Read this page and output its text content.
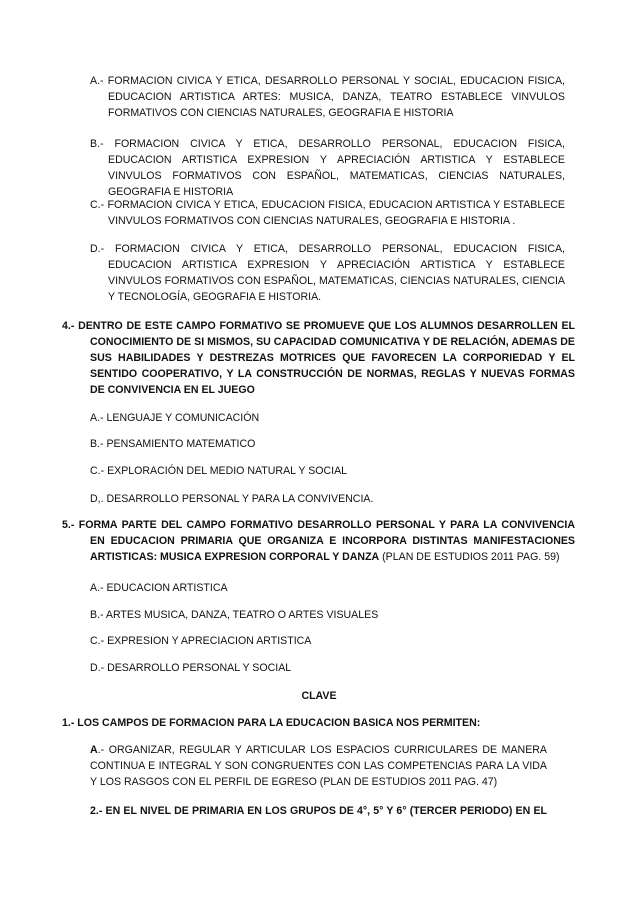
A.- FORMACION CIVICA Y ETICA, DESARROLLO PERSONAL Y SOCIAL, EDUCACION FISICA, EDUCACION ARTISTICA ARTES: MUSICA, DANZA, TEATRO ESTABLECE VINVULOS FORMATIVOS CON CIENCIAS NATURALES, GEOGRAFIA E HISTORIA
B.- FORMACION CIVICA Y ETICA, DESARROLLO PERSONAL, EDUCACION FISICA, EDUCACION ARTISTICA EXPRESION Y APRECIACIÓN ARTISTICA Y ESTABLECE VINVULOS FORMATIVOS CON ESPAÑOL, MATEMATICAS, CIENCIAS NATURALES, GEOGRAFIA E HISTORIA
C.- FORMACION CIVICA Y ETICA, EDUCACION FISICA, EDUCACION ARTISTICA Y ESTABLECE VINVULOS FORMATIVOS CON CIENCIAS NATURALES, GEOGRAFIA E HISTORIA .
D.- FORMACION CIVICA Y ETICA, DESARROLLO PERSONAL, EDUCACION FISICA, EDUCACION ARTISTICA EXPRESION Y APRECIACIÓN ARTISTICA Y ESTABLECE VINVULOS FORMATIVOS CON ESPAÑOL, MATEMATICAS, CIENCIAS NATURALES, CIENCIA Y TECNOLOGÍA, GEOGRAFIA E HISTORIA.
4.- DENTRO DE ESTE CAMPO FORMATIVO SE PROMUEVE QUE LOS ALUMNOS DESARROLLEN EL CONOCIMIENTO DE SI MISMOS, SU CAPACIDAD COMUNICATIVA Y DE RELACIÓN, ADEMAS DE SUS HABILIDADES Y DESTREZAS MOTRICES QUE FAVORECEN LA CORPORIEDAD Y EL SENTIDO COOPERATIVO, Y LA CONSTRUCCIÓN DE NORMAS, REGLAS Y NUEVAS FORMAS DE CONVIVENCIA EN EL JUEGO
A.- LENGUAJE Y COMUNICACIÓN
B.- PENSAMIENTO MATEMATICO
C.- EXPLORACIÓN DEL MEDIO NATURAL Y SOCIAL
D,. DESARROLLO PERSONAL Y PARA LA CONVIVENCIA.
5.- FORMA PARTE DEL CAMPO FORMATIVO DESARROLLO PERSONAL Y PARA LA CONVIVENCIA EN EDUCACION PRIMARIA QUE ORGANIZA E INCORPORA DISTINTAS MANIFESTACIONES ARTISTICAS: MUSICA EXPRESION CORPORAL Y DANZA (PLAN DE ESTUDIOS 2011 PAG. 59)
A.- EDUCACION ARTISTICA
B.- ARTES MUSICA, DANZA, TEATRO O ARTES VISUALES
C.- EXPRESION Y APRECIACION ARTISTICA
D.- DESARROLLO PERSONAL Y SOCIAL
CLAVE
1.- LOS CAMPOS DE FORMACION PARA LA EDUCACION BASICA NOS PERMITEN:
A.- ORGANIZAR, REGULAR Y ARTICULAR LOS ESPACIOS CURRICULARES DE MANERA CONTINUA E INTEGRAL Y SON CONGRUENTES CON LAS COMPETENCIAS PARA LA VIDA Y LOS RASGOS CON EL PERFIL DE EGRESO (PLAN DE ESTUDIOS 2011 PAG. 47)
2.- EN EL NIVEL DE PRIMARIA EN LOS GRUPOS DE 4°, 5° Y 6° (TERCER PERIODO) EN EL
